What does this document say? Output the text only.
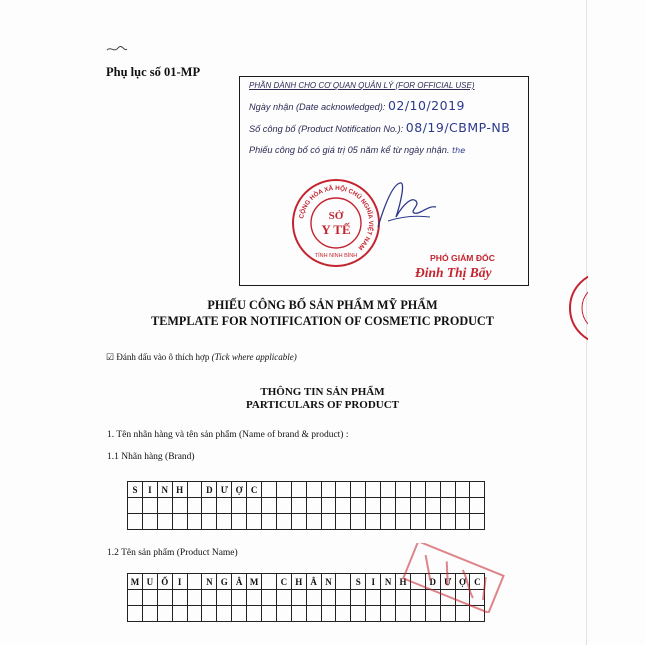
Phụ lục số 01-MP
PHẦN DÀNH CHO CƠ QUAN QUẢN LÝ (FOR OFFICIAL USE)
Ngày nhận (Date acknowledged): 02/10/2019
Số công bố (Product Notification No.): 08/19/CBMP-NB
Phiếu công bố có giá trị 05 năm kể từ ngày nhận. the
CỘNG HÒA XÃ HỘI CHỦ NGHĨA VIỆT NAM
SỞ
Y TẾ
TỈNH NINH BÌNH	PHÓ GIÁM ĐỐC
Đinh Thị Bẩy
PHIẾU CÔNG BỐ SẢN PHẨM MỸ PHẨM
TEMPLATE FOR NOTIFICATION OF COSMETIC PRODUCT
☑ Đánh dấu vào ô thích hợp (Tick where applicable)
THÔNG TIN SẢN PHẨM
PARTICULARS OF PRODUCT
1. Tên nhãn hàng và tên sản phẩm (Name of brand & product) :
1.1 Nhãn hàng (Brand)
S	I	N H	D Ư Ợ C
1.2 Tên sản phẩm (Product Name)
M U Ố	I	N G Â M	C H Â N	S	I	N H	D Ư Ợ C
